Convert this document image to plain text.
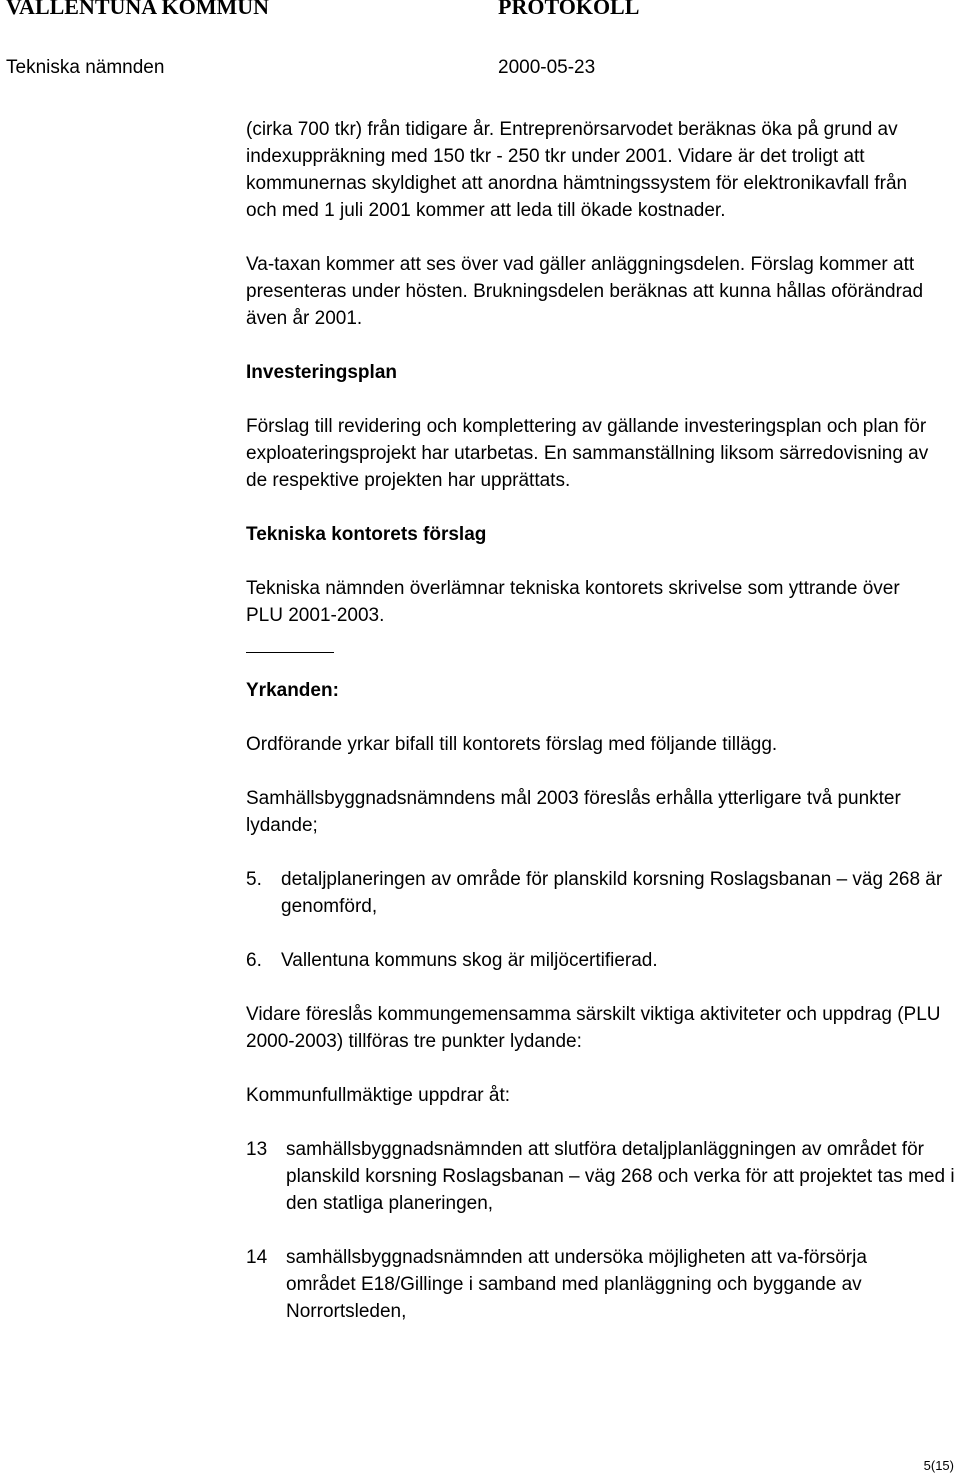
VALLENTUNA KOMMUN	PROTOKOLL
Tekniska nämnden	2000-05-23

(cirka 700 tkr) från tidigare år. Entreprenörsarvodet beräknas öka på grund av indexuppräkning med 150 tkr - 250 tkr under 2001. Vidare är det troligt att kommunernas skyldighet att anordna hämtningssystem för elektronikavfall från och med 1 juli 2001 kommer att leda till ökade kostnader.

Va-taxan kommer att ses över vad gäller anläggningsdelen. Förslag kommer att presenteras under hösten. Brukningsdelen beräknas att kunna hållas oförändrad även år 2001.

Investeringsplan

Förslag till revidering och komplettering av gällande investeringsplan och plan för exploateringsprojekt har utarbetas. En sammanställning liksom särredovisning av de respektive projekten har upprättats.

Tekniska kontorets förslag

Tekniska nämnden överlämnar tekniska kontorets skrivelse som yttrande över PLU 2001-2003.

Yrkanden:

Ordförande yrkar bifall till kontorets förslag med följande tillägg.

Samhällsbyggnadsnämndens mål 2003 föreslås erhålla ytterligare två punkter lydande;

5.	detaljplaneringen av område för planskild korsning Roslagsbanan – väg 268 är genomförd,
6.	Vallentuna kommuns skog är miljöcertifierad.

Vidare föreslås kommungemensamma särskilt viktiga aktiviteter och uppdrag (PLU 2000-2003) tillföras tre punkter lydande:

Kommunfullmäktige uppdrar åt:

13 samhällsbyggnadsnämnden att slutföra detaljplanläggningen av området för planskild korsning Roslagsbanan – väg 268 och verka för att projektet tas med i den statliga planeringen,
14 samhällsbyggnadsnämnden att undersöka möjligheten att va-försörja området E18/Gillinge i samband med planläggning och byggande av Norrortsleden,
5(15)
